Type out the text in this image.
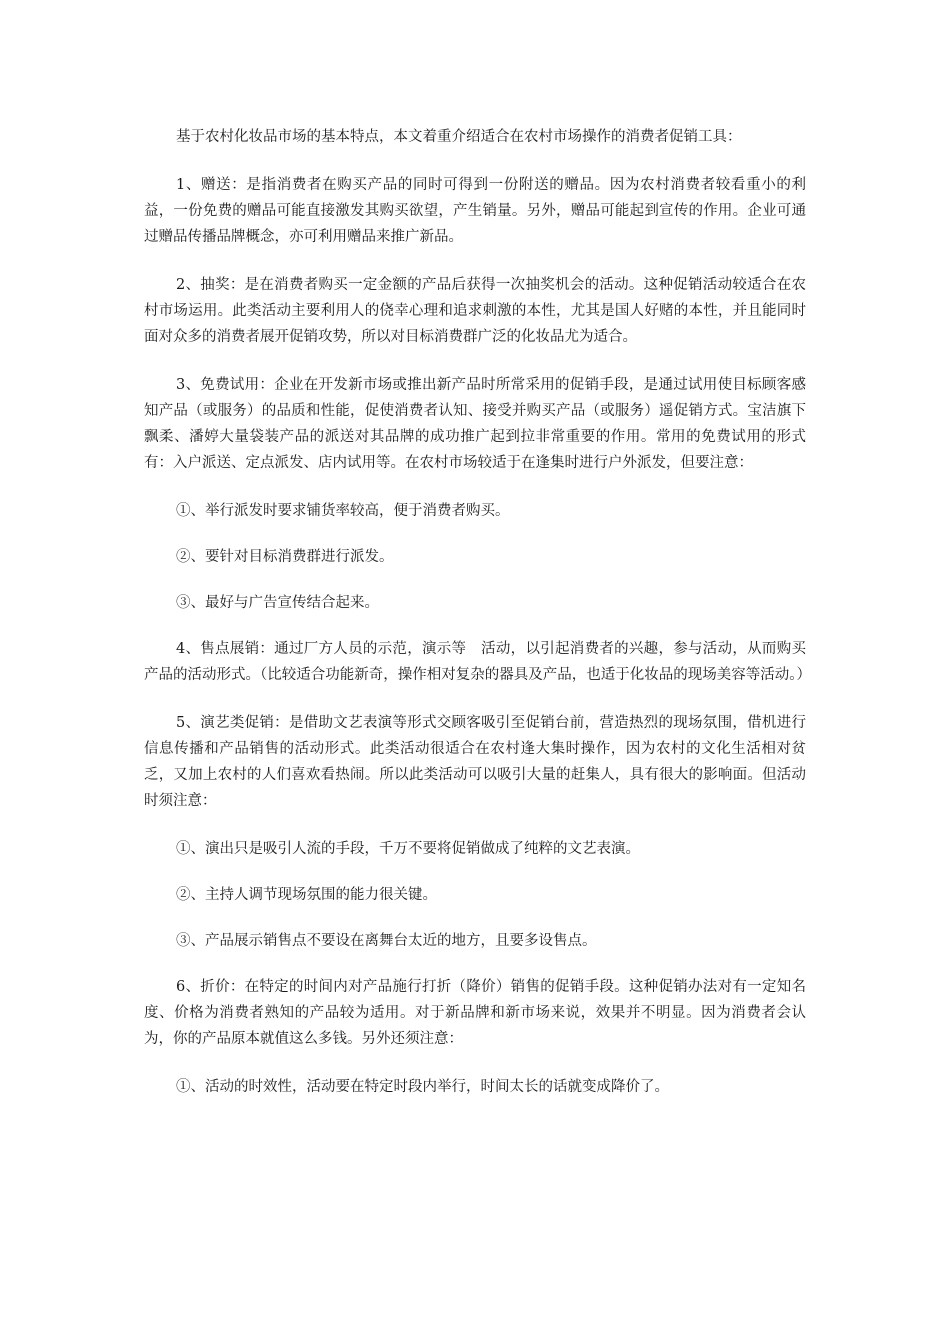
基于农村化妆品市场的基本特点，本文着重介绍适合在农村市场操作的消费者促销工具：

1、赠送：是指消费者在购买产品的同时可得到一份附送的赠品。因为农村消费者较看重小的利益，一份免费的赠品可能直接激发其购买欲望，产生销量。另外，赠品可能起到宣传的作用。企业可通过赠品传播品牌概念，亦可利用赠品来推广新品。

2、抽奖：是在消费者购买一定金额的产品后获得一次抽奖机会的活动。这种促销活动较适合在农村市场运用。此类活动主要利用人的侥幸心理和追求刺激的本性，尤其是国人好赌的本性，并且能同时面对众多的消费者展开促销攻势，所以对目标消费群广泛的化妆品尤为适合。

3、免费试用：企业在开发新市场或推出新产品时所常采用的促销手段，是通过试用使目标顾客感知产品（或服务）的品质和性能，促使消费者认知、接受并购买产品（或服务）遥促销方式。宝洁旗下飘柔、潘婷大量袋装产品的派送对其品牌的成功推广起到拉非常重要的作用。常用的免费试用的形式有：入户派送、定点派发、店内试用等。在农村市场较适于在逢集时进行户外派发，但要注意：

①、举行派发时要求铺货率较高，便于消费者购买。

②、要针对目标消费群进行派发。

③、最好与广告宣传结合起来。

4、售点展销：通过厂方人员的示范，演示等　活动，以引起消费者的兴趣，参与活动，从而购买产品的活动形式。（比较适合功能新奇，操作相对复杂的器具及产品，也适于化妆品的现场美容等活动。）

5、演艺类促销：是借助文艺表演等形式交顾客吸引至促销台前，营造热烈的现场氛围，借机进行信息传播和产品销售的活动形式。此类活动很适合在农村逢大集时操作，因为农村的文化生活相对贫乏，又加上农村的人们喜欢看热闹。所以此类活动可以吸引大量的赶集人，具有很大的影响面。但活动时须注意：

①、演出只是吸引人流的手段，千万不要将促销做成了纯粹的文艺表演。

②、主持人调节现场氛围的能力很关键。

③、产品展示销售点不要设在离舞台太近的地方，且要多设售点。

6、折价：在特定的时间内对产品施行打折（降价）销售的促销手段。这种促销办法对有一定知名度、价格为消费者熟知的产品较为适用。对于新品牌和新市场来说，效果并不明显。因为消费者会认为，你的产品原本就值这么多钱。另外还须注意：

①、活动的时效性，活动要在特定时段内举行，时间太长的话就变成降价了。
